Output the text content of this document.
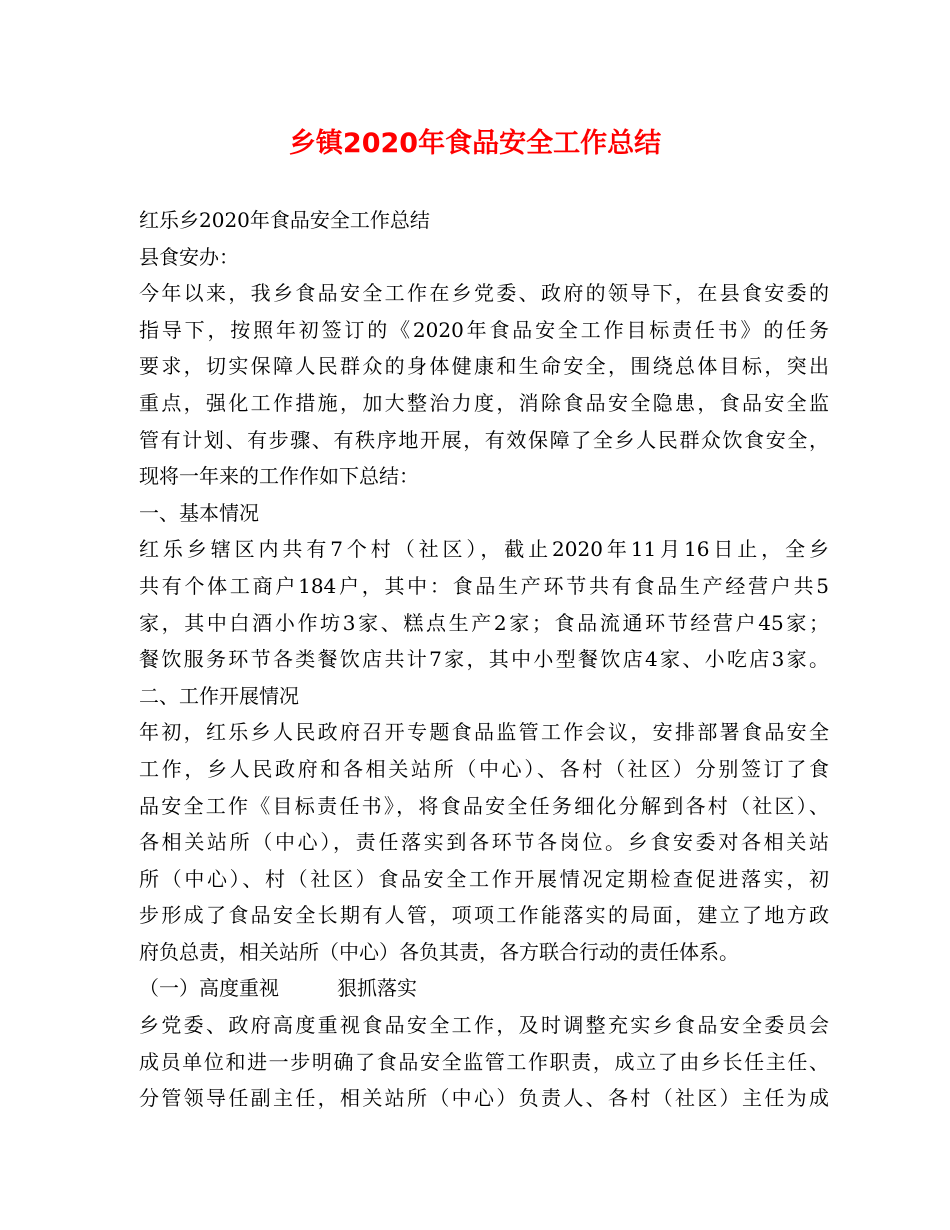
乡镇2020年食品安全工作总结
红乐乡2020年食品安全工作总结
县食安办：
今年以来，我乡食品安全工作在乡党委、政府的领导下，在县食安委的
指导下，按照年初签订的《2020年食品安全工作目标责任书》的任务
要求，切实保障人民群众的身体健康和生命安全，围绕总体目标，突出
重点，强化工作措施，加大整治力度，消除食品安全隐患，食品安全监
管有计划、有步骤、有秩序地开展，有效保障了全乡人民群众饮食安全，
现将一年来的工作作如下总结：
一、基本情况
红乐乡辖区内共有7个村（社区），截止2020年11月16日止，全乡
共有个体工商户184户，其中：食品生产环节共有食品生产经营户共5
家，其中白酒小作坊3家、糕点生产2家；食品流通环节经营户45家；
餐饮服务环节各类餐饮店共计7家，其中小型餐饮店4家、小吃店3家。
二、工作开展情况
年初，红乐乡人民政府召开专题食品监管工作会议，安排部署食品安全
工作，乡人民政府和各相关站所（中心）、各村（社区）分别签订了食
品安全工作《目标责任书》，将食品安全任务细化分解到各村（社区）、
各相关站所（中心），责任落实到各环节各岗位。乡食安委对各相关站
所（中心）、村（社区）食品安全工作开展情况定期检查促进落实，初
步形成了食品安全长期有人管，项项工作能落实的局面，建立了地方政
府负总责，相关站所（中心）各负其责，各方联合行动的责任体系。
（一）高度重视	狠抓落实
乡党委、政府高度重视食品安全工作，及时调整充实乡食品安全委员会
成员单位和进一步明确了食品安全监管工作职责，成立了由乡长任主任、
分管领导任副主任，相关站所（中心）负责人、各村（社区）主任为成
